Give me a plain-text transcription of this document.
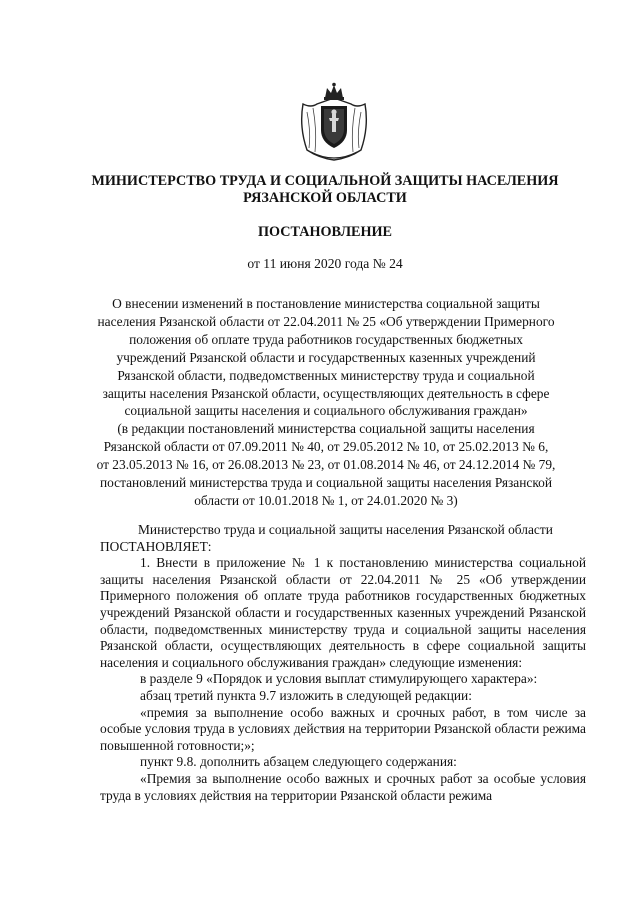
МИНИСТЕРСТВО ТРУДА И СОЦИАЛЬНОЙ ЗАЩИТЫ НАСЕЛЕНИЯ
РЯЗАНСКОЙ ОБЛАСТИ
ПОСТАНОВЛЕНИЕ
от 11 июня 2020 года № 24
О внесении изменений в постановление министерства социальной защиты
населения Рязанской области от 22.04.2011 № 25 «Об утверждении Примерного
положения об оплате труда работников государственных бюджетных
учреждений Рязанской области и государственных казенных учреждений
Рязанской области, подведомственных министерству труда и социальной
защиты населения Рязанской области, осуществляющих деятельность в сфере
социальной защиты населения и социального обслуживания граждан»
(в редакции постановлений министерства социальной защиты населения
Рязанской области от 07.09.2011 № 40, от 29.05.2012 № 10, от 25.02.2013 № 6,
от 23.05.2013 № 16, от 26.08.2013 № 23, от 01.08.2014 № 46, от 24.12.2014 № 79,
постановлений министерства труда и социальной защиты населения Рязанской
области от 10.01.2018 № 1, от 24.01.2020 № 3)

Министерство труда и социальной защиты населения Рязанской области

ПОСТАНОВЛЯЕТ:

1. Внести в приложение № 1 к постановлению министерства социальной защиты населения Рязанской области от 22.04.2011 № 25 «Об утверждении Примерного положения об оплате труда работников государственных бюджетных учреждений Рязанской области и государственных казенных учреждений Рязанской области, подведомственных министерству труда и социальной защиты населения Рязанской области, осуществляющих деятельность в сфере социальной защиты населения и социального обслуживания граждан» следующие изменения:

в разделе 9 «Порядок и условия выплат стимулирующего характера»:

абзац третий пункта 9.7 изложить в следующей редакции:

«премия за выполнение особо важных и срочных работ, в том числе за особые условия труда в условиях действия на территории Рязанской области режима повышенной готовности;»;

пункт 9.8. дополнить абзацем следующего содержания:

«Премия за выполнение особо важных и срочных работ за особые условия труда в условиях действия на территории Рязанской области режима
